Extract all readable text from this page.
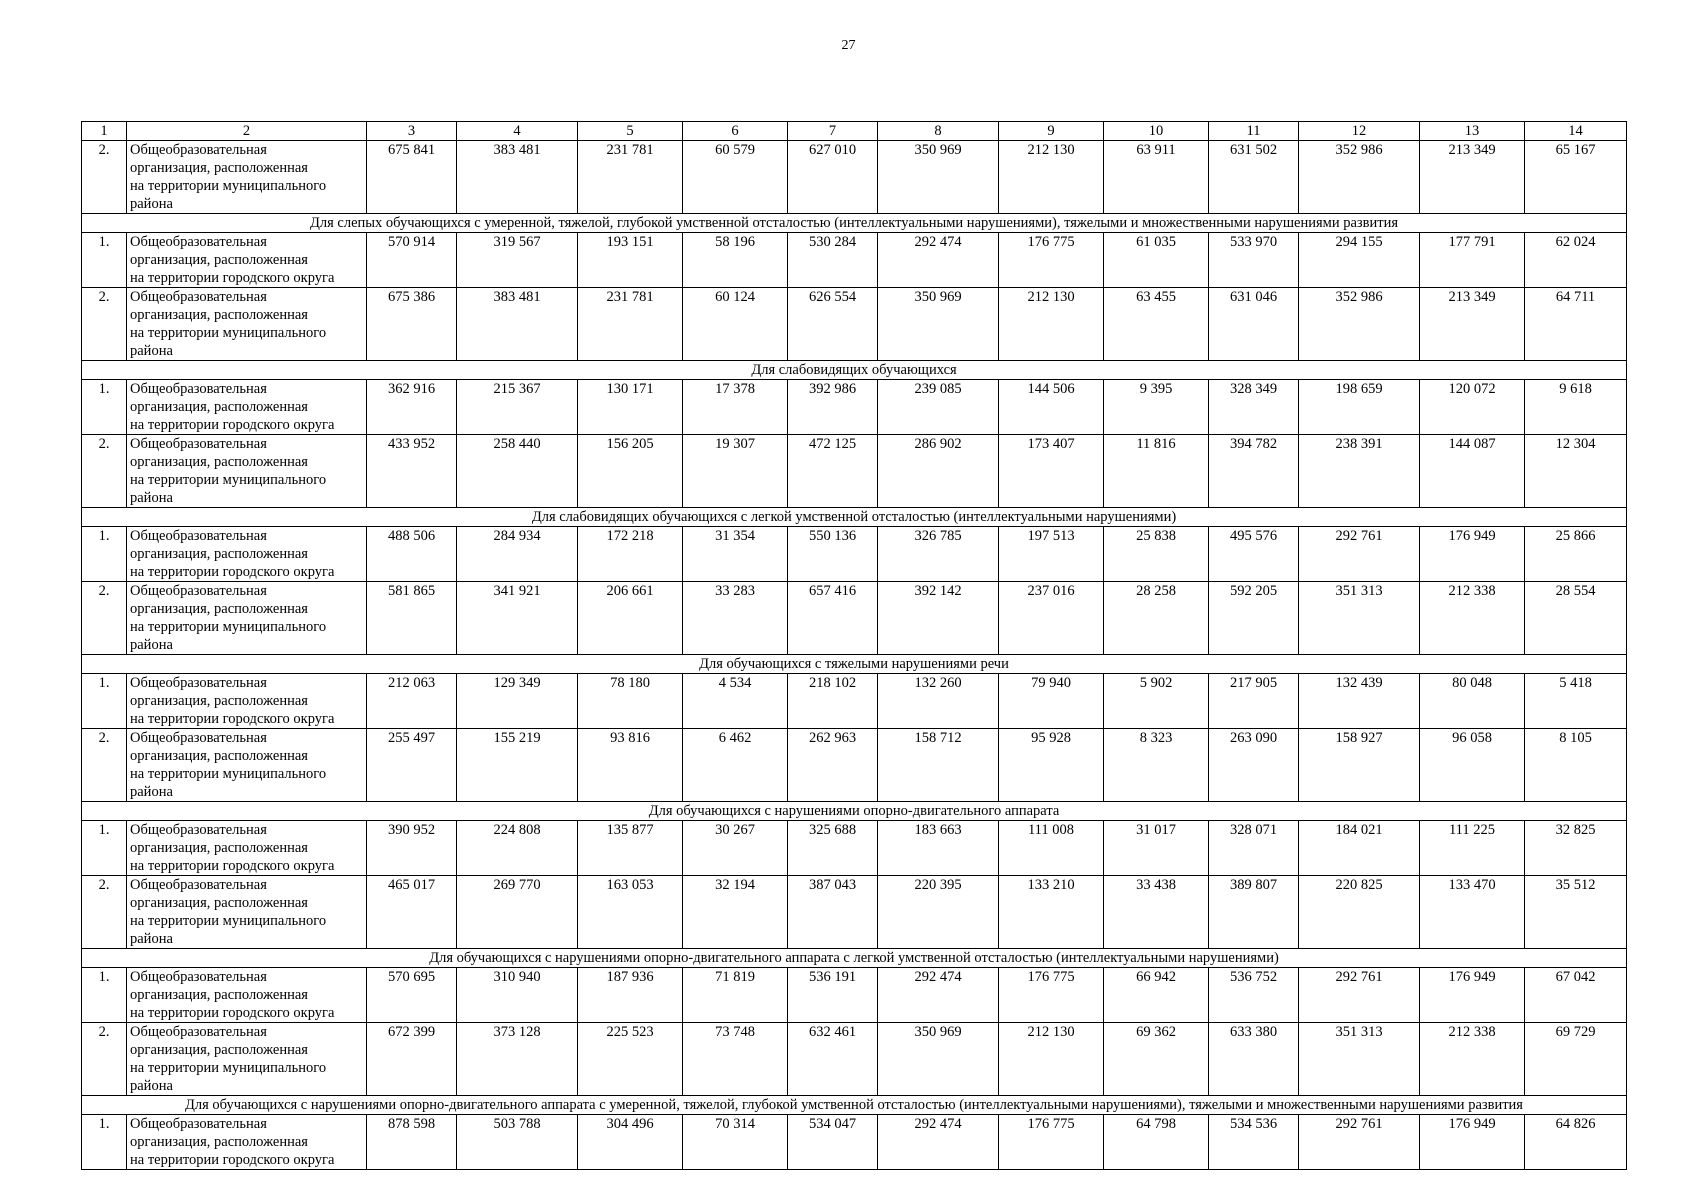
27
1	2	3	4	5	6	7	8	9	10	11	12	13	14
2.	Общеобразовательная
организация, расположенная
на территории муниципального
района	675 841	383 481	231 781	60 579	627 010	350 969	212 130	63 911	631 502	352 986	213 349	65 167
Для слепых обучающихся с умеренной, тяжелой, глубокой умственной отсталостью (интеллектуальными нарушениями), тяжелыми и множественными нарушениями развития													
1.	Общеобразовательная
организация, расположенная
на территории городского округа	570 914	319 567	193 151	58 196	530 284	292 474	176 775	61 035	533 970	294 155	177 791	62 024
2.	Общеобразовательная
организация, расположенная
на территории муниципального
района	675 386	383 481	231 781	60 124	626 554	350 969	212 130	63 455	631 046	352 986	213 349	64 711
Для слабовидящих обучающихся													
1.	Общеобразовательная
организация, расположенная
на территории городского округа	362 916	215 367	130 171	17 378	392 986	239 085	144 506	9 395	328 349	198 659	120 072	9 618
2.	Общеобразовательная
организация, расположенная
на территории муниципального
района	433 952	258 440	156 205	19 307	472 125	286 902	173 407	11 816	394 782	238 391	144 087	12 304
Для слабовидящих обучающихся с легкой умственной отсталостью (интеллектуальными нарушениями)													
1.	Общеобразовательная
организация, расположенная
на территории городского округа	488 506	284 934	172 218	31 354	550 136	326 785	197 513	25 838	495 576	292 761	176 949	25 866
2.	Общеобразовательная
организация, расположенная
на территории муниципального
района	581 865	341 921	206 661	33 283	657 416	392 142	237 016	28 258	592 205	351 313	212 338	28 554
Для обучающихся с тяжелыми нарушениями речи													
1.	Общеобразовательная
организация, расположенная
на территории городского округа	212 063	129 349	78 180	4 534	218 102	132 260	79 940	5 902	217 905	132 439	80 048	5 418
2.	Общеобразовательная
организация, расположенная
на территории муниципального
района	255 497	155 219	93 816	6 462	262 963	158 712	95 928	8 323	263 090	158 927	96 058	8 105
Для обучающихся с нарушениями опорно-двигательного аппарата													
1.	Общеобразовательная
организация, расположенная
на территории городского округа	390 952	224 808	135 877	30 267	325 688	183 663	111 008	31 017	328 071	184 021	111 225	32 825
2.	Общеобразовательная
организация, расположенная
на территории муниципального
района	465 017	269 770	163 053	32 194	387 043	220 395	133 210	33 438	389 807	220 825	133 470	35 512
Для обучающихся с нарушениями опорно-двигательного аппарата с легкой умственной отсталостью (интеллектуальными нарушениями)													
1.	Общеобразовательная
организация, расположенная
на территории городского округа	570 695	310 940	187 936	71 819	536 191	292 474	176 775	66 942	536 752	292 761	176 949	67 042
2.	Общеобразовательная
организация, расположенная
на территории муниципального
района	672 399	373 128	225 523	73 748	632 461	350 969	212 130	69 362	633 380	351 313	212 338	69 729
Для обучающихся с нарушениями опорно-двигательного аппарата с умеренной, тяжелой, глубокой умственной отсталостью (интеллектуальными нарушениями), тяжелыми и множественными нарушениями развития													
1.	Общеобразовательная
организация, расположенная
на территории городского округа	878 598	503 788	304 496	70 314	534 047	292 474	176 775	64 798	534 536	292 761	176 949	64 826
